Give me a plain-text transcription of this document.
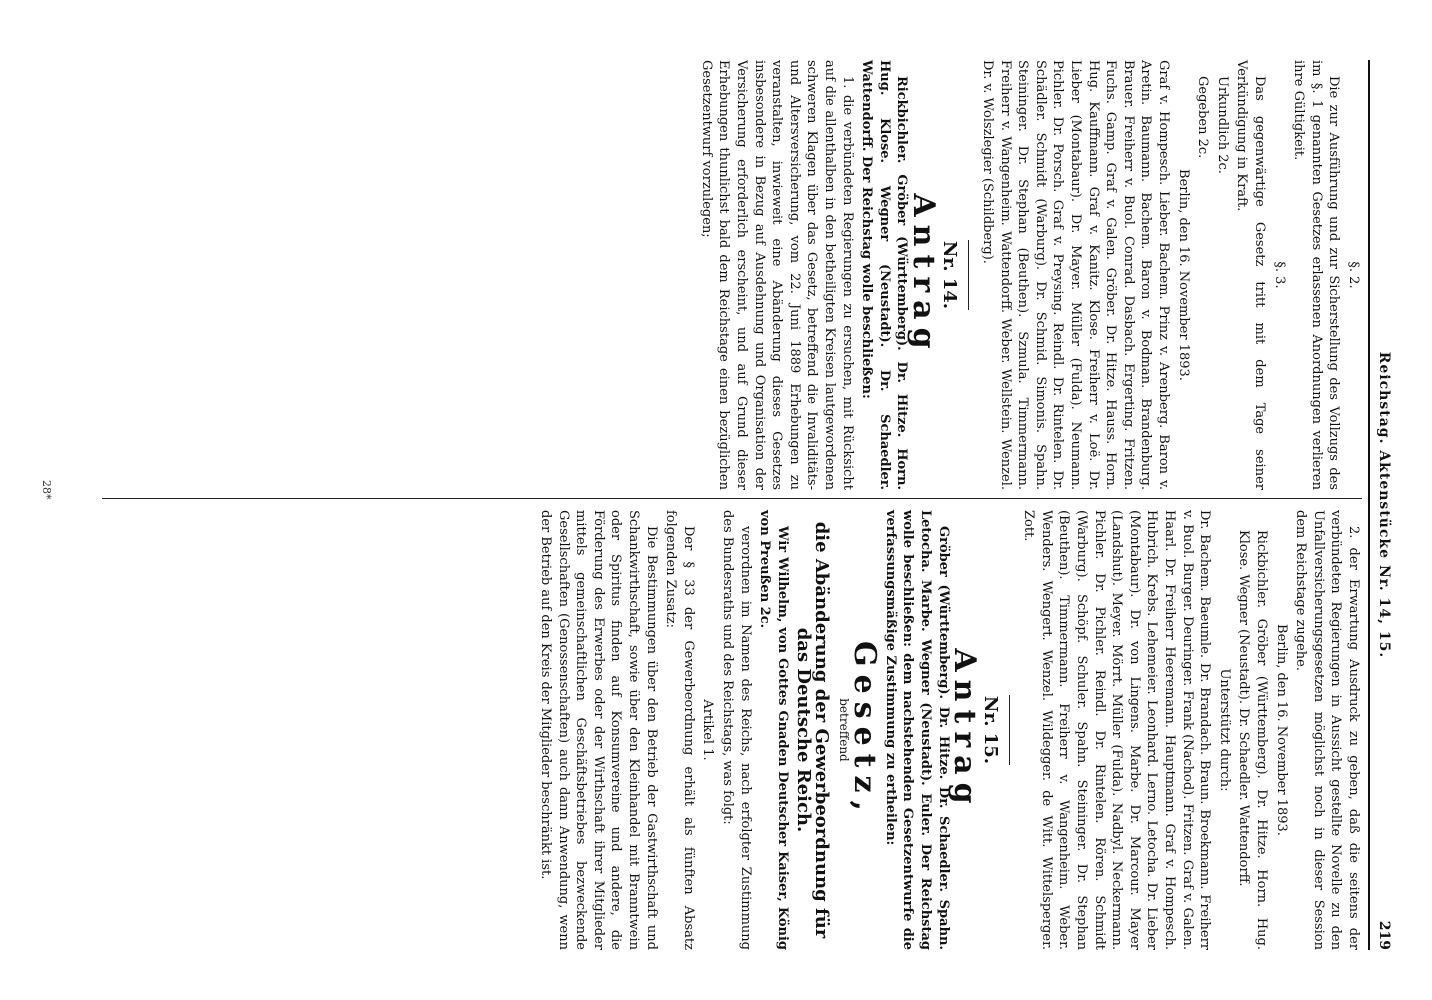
Reichstag. Aktenstücke Nr. 14, 15.
219

§. 2.

Die zur Ausführung und zur Sicherstellung des Vollzugs des im §. 1 genannten Gesetzes erlassenen Anordnungen verlieren ihre Gültigkeit.

§. 3.

Das gegenwärtige Gesetz tritt mit dem Tage seiner Verkündigung in Kraft.

Urkundlich 2c.

Gegeben 2c.

Berlin, den 16. November 1893.

Graf v. Hompesch. Lieber. Bachem. Prinz v. Arenberg. Baron v. Aretin. Baumann. Bachem. Baron v. Bodman. Brandenburg. Brauer. Freiherr v. Buol. Conrad. Dasbach. Ergerting. Fritzen. Fuchs. Gamp. Graf v. Galen. Gröber. Dr. Hitze. Hauss. Horn. Hug. Kauffmann. Graf v. Kanitz. Klose. Freiherr v. Loë. Dr. Lieber (Montabaur). Dr. Mayer. Müller (Fulda). Neumann. Pichler. Dr. Porsch. Graf v. Preysing. Reindl. Dr. Rintelen. Dr. Schädler. Schmidt (Warburg). Dr. Schmid. Simonis. Spahn. Steininger. Dr. Stephan (Beuthen). Szmula. Timmermann. Freiherr v. Wangenheim. Wattendorff. Weber. Wellstein. Wenzel. Dr. v. Wolszlegier (Schildberg).

Nr. 14.

Antrag

Rickbichler. Gröber (Württemberg). Dr. Hitze. Horn. Hug. Klose. Wegner (Neustadt). Dr. Schaedler. Wattendorff. Der Reichstag wolle beschließen:

1. die verbündeten Regierungen zu ersuchen, mit Rücksicht auf die allenthalben in den betheiligten Kreisen lautgewordenen schweren Klagen über das Gesetz, betreffend die Invaliditäts- und Altersversicherung, vom 22. Juni 1889 Erhebungen zu veranstalten, inwieweit eine Abänderung dieses Gesetzes insbesondere in Bezug auf Ausdehnung und Organisation der Versicherung erforderlich erscheint, und auf Grund dieser Erhebungen thunlichst bald dem Reichstage einen bezüglichen Gesetzentwurf vorzulegen;

2. der Erwartung Ausdruck zu geben, daß die seitens der verbündeten Regierungen in Aussicht gestellte Novelle zu den Unfallversicherungsgesetzen möglichst noch in dieser Session dem Reichstage zugehe.

Berlin, den 16. November 1893.

Rickbichler. Gröber (Württemberg). Dr. Hitze. Horn. Hug. Klose. Wegner (Neustadt). Dr. Schaedler. Wattendorff.

Unterstützt durch:

Dr. Bachem. Baeumle. Dr. Brandach. Braun. Broekmann. Freiherr v. Buol. Burger. Deuringer. Frank (Nachod). Fritzen. Graf v. Galen. Haarl. Dr. Freiherr Heeremann. Hauptmann. Graf v. Hompesch. Hubrich. Krebs. Lehemeier. Leonhard. Lerno. Letocha. Dr. Lieber (Montabaur). Dr. von Lingens. Marbe. Dr. Marcour. Mayer (Landshut). Meyer. Mörrt. Müller (Fulda). Nadbyl. Neckermann. Pichler. Dr. Pichler. Reindl. Dr. Rintelen. Rören. Schmidt (Warburg). Schöpf. Schuler. Spahn. Steininger. Dr. Stephan (Beuthen). Timmermann. Freiherr v. Wangenheim. Weber. Wenders. Wengert. Wenzel. Wildegger. de Witt. Wittelsperger. Zott.

Nr. 15.

Antrag

Gröber (Württemberg). Dr. Hitze. Dr. Schaedler. Spahn. Letocha. Marbe. Wegner (Neustadt). Euler. Der Reichstag wolle beschließen: dem nachstehenden Gesetzentwurfe die verfassungsmäßige Zustimmung zu ertheilen:

Gesetz,

betreffend

die Abänderung der Gewerbeordnung für das Deutsche Reich.

Wir Wilhelm, von Gottes Gnaden Deutscher Kaiser, König von Preußen 2c.

verordnen im Namen des Reichs, nach erfolgter Zustimmung des Bundesraths und des Reichstags, was folgt:

Artikel 1.

Der § 33 der Gewerbeordnung erhält als fünften Absatz folgenden Zusatz:

Die Bestimmungen über den Betrieb der Gastwirthschaft und Schankwirthschaft, sowie über den Kleinhandel mit Branntwein oder Spiritus finden auf Konsumvereine und andere, die Förderung des Erwerbes oder der Wirthschaft ihrer Mitglieder mittels gemeinschaftlichen Geschäftsbetriebes bezweckende Gesellschaften (Genossenschaften) auch dann Anwendung, wenn der Betrieb auf den Kreis der Mitglieder beschränkt ist.

28*
